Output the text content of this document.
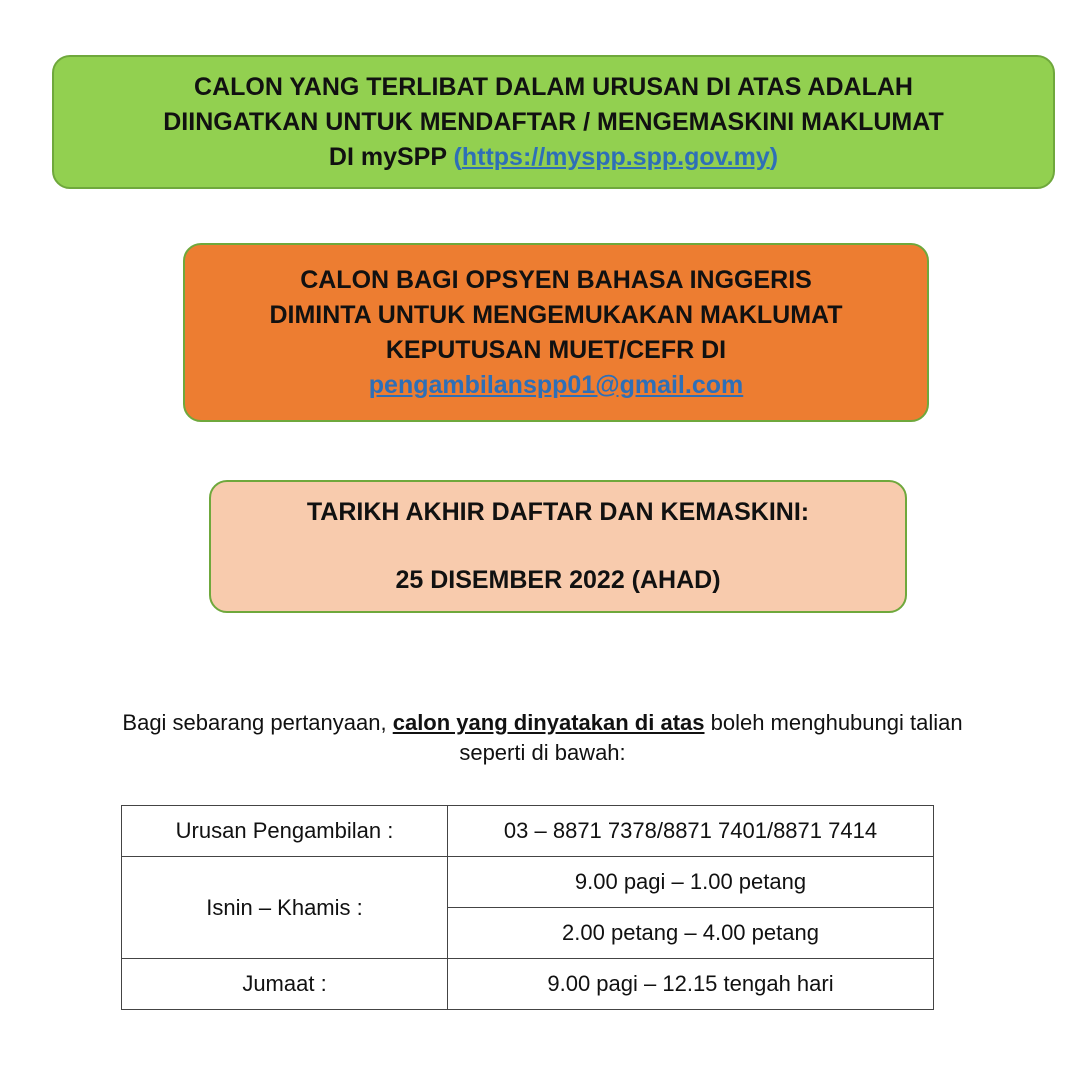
CALON YANG TERLIBAT DALAM URUSAN DI ATAS ADALAH
DIINGATKAN UNTUK MENDAFTAR / MENGEMASKINI MAKLUMAT
DI mySPP (https://myspp.spp.gov.my)
CALON BAGI OPSYEN BAHASA INGGERIS
DIMINTA UNTUK MENGEMUKAKAN MAKLUMAT
KEPUTUSAN MUET/CEFR DI
pengambilanspp01@gmail.com
TARIKH AKHIR DAFTAR DAN KEMASKINI:
25 DISEMBER 2022 (AHAD)
Bagi sebarang pertanyaan, calon yang dinyatakan di atas boleh menghubungi talian
seperti di bawah:
Urusan Pengambilan :	03 – 8871 7378/8871 7401/8871 7414
Isnin – Khamis :	9.00 pagi – 1.00 petang
	2.00 petang – 4.00 petang
Jumaat :	9.00 pagi – 12.15 tengah hari
